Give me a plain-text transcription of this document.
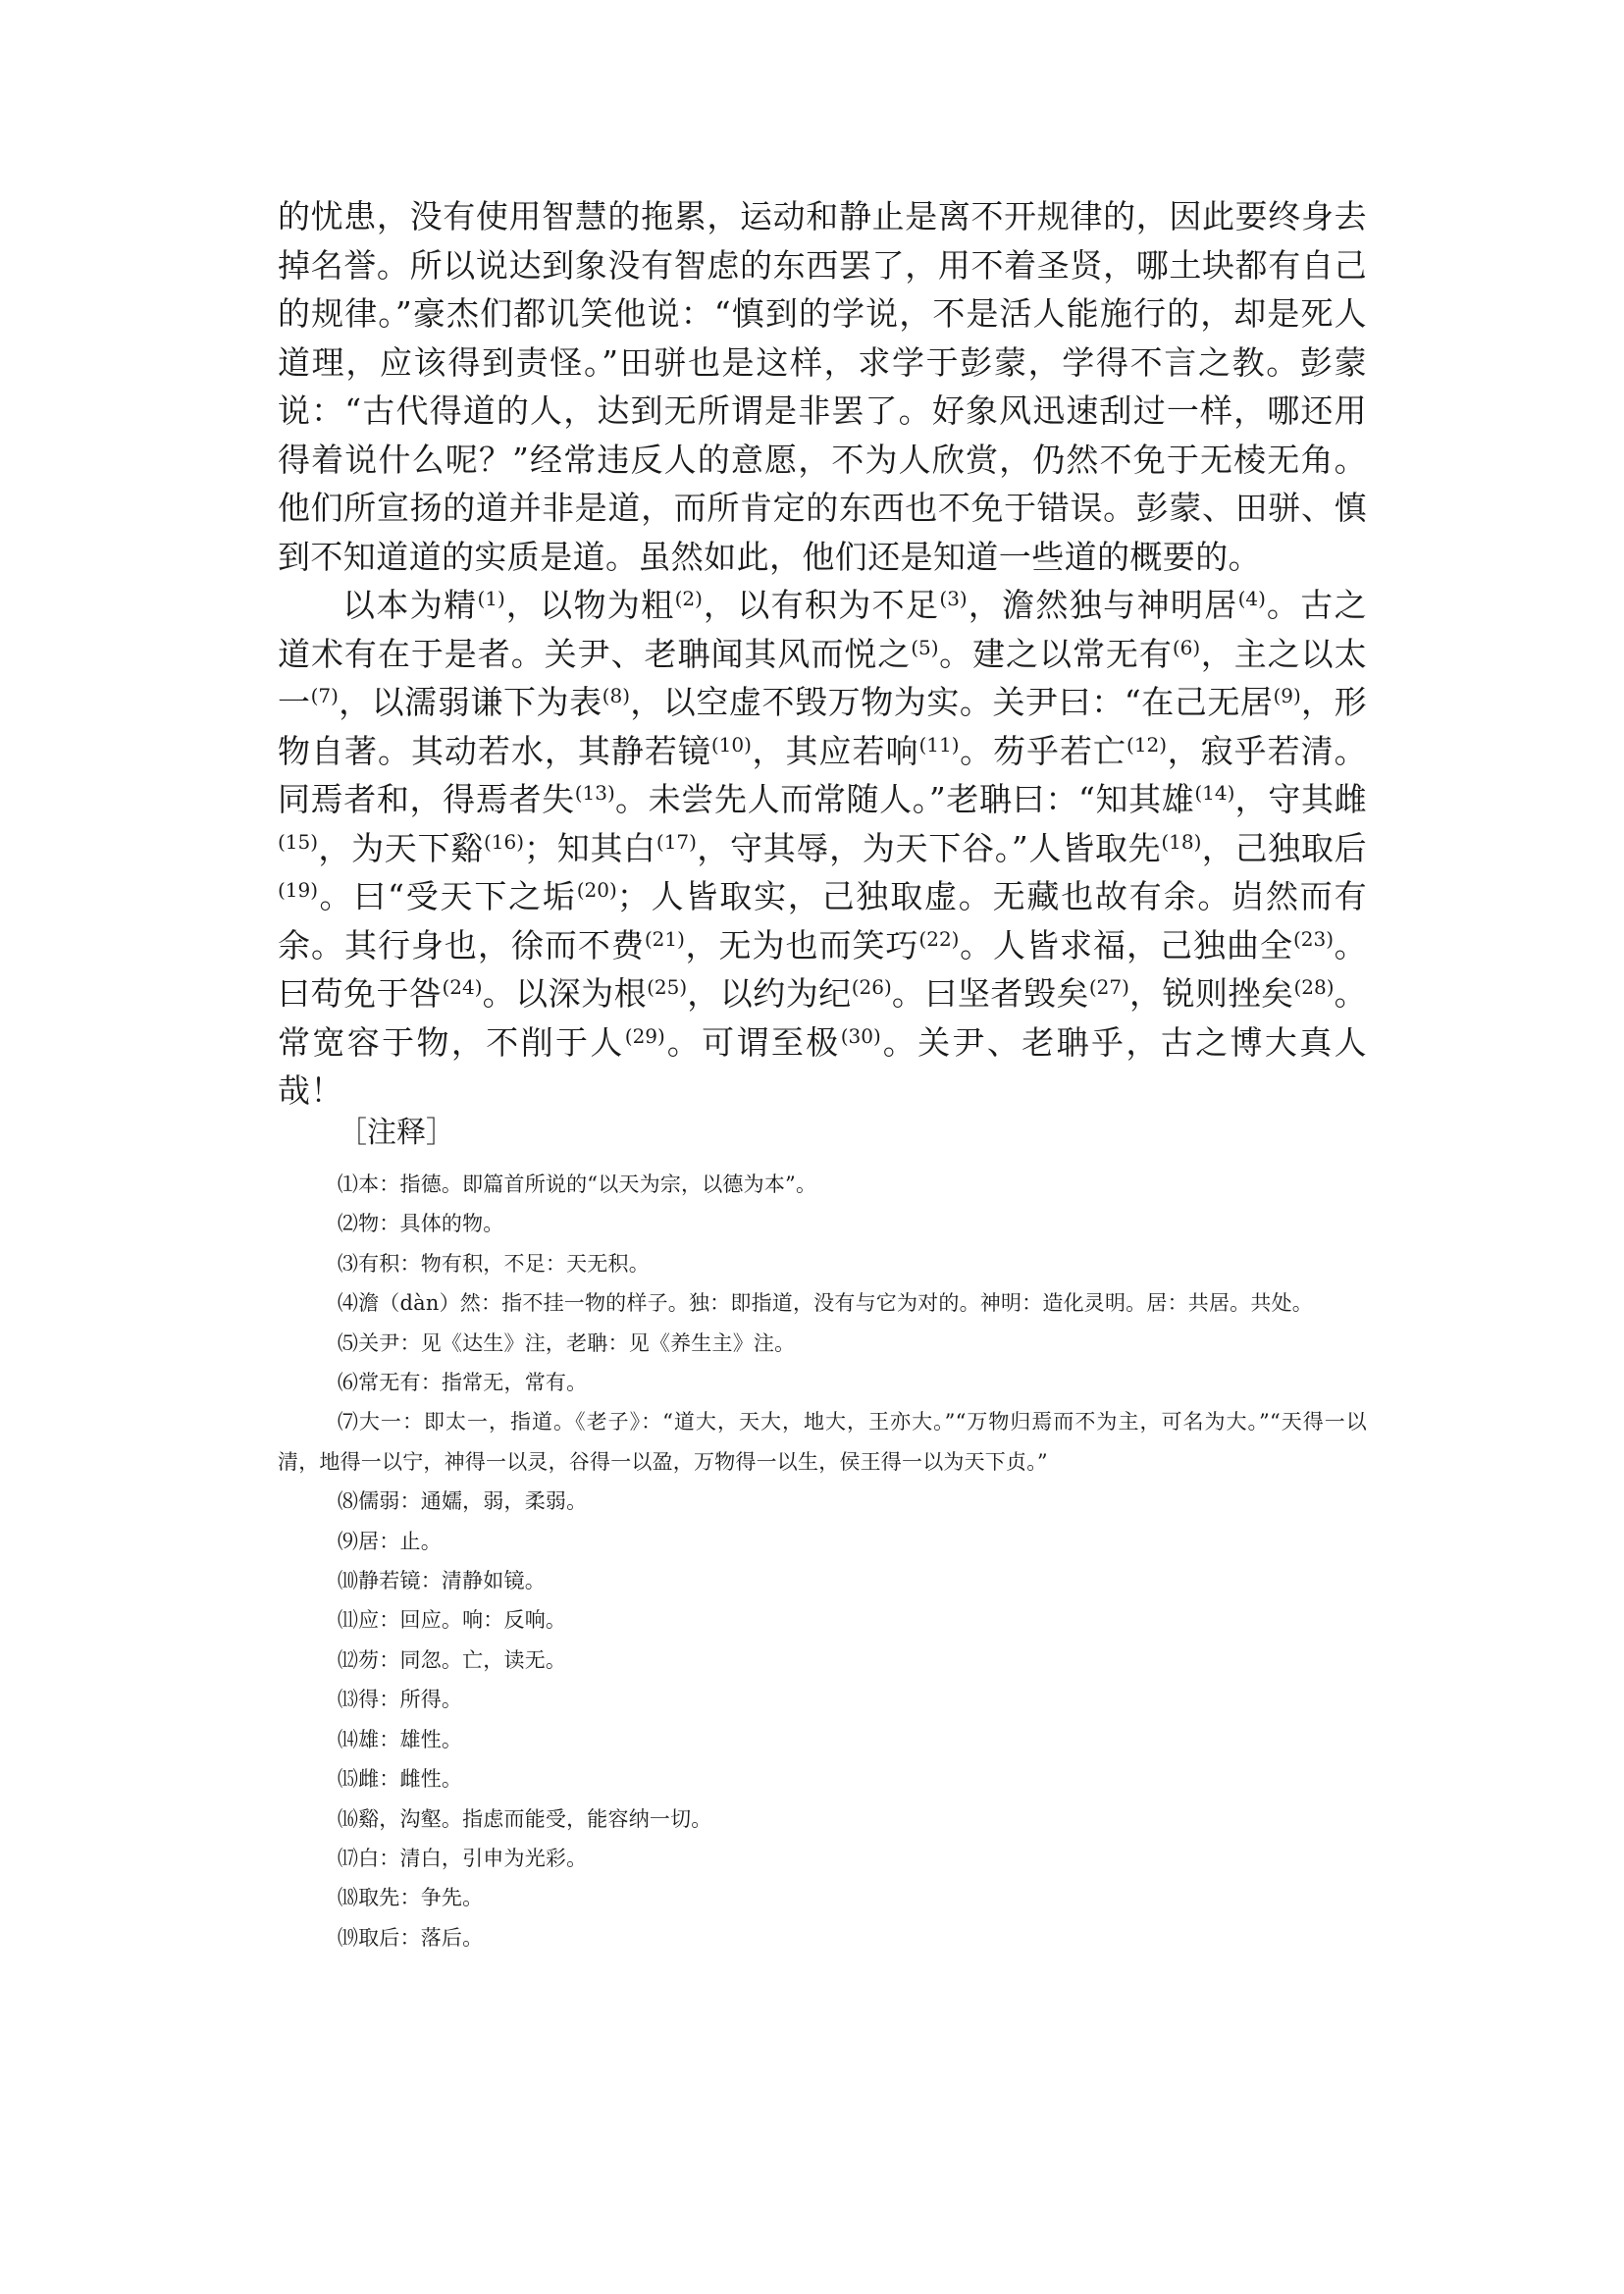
的忧患，没有使用智慧的拖累，运动和静止是离不开规律的，因此要终身去掉名誉。所以说达到象没有智虑的东西罢了，用不着圣贤，哪土块都有自己的规律。”豪杰们都讥笑他说：“慎到的学说，不是活人能施行的，却是死人道理，应该得到责怪。”田骈也是这样，求学于彭蒙，学得不言之教。彭蒙说：“古代得道的人，达到无所谓是非罢了。好象风迅速刮过一样，哪还用得着说什么呢？”经常违反人的意愿，不为人欣赏，仍然不免于无棱无角。他们所宣扬的道并非是道，而所肯定的东西也不免于错误。彭蒙、田骈、慎到不知道道的实质是道。虽然如此，他们还是知道一些道的概要的。

以本为精$^{(1)}$，以物为粗$^{(2)}$，以有积为不足$^{(3)}$，澹然独与神明居$^{(4)}$。古之道术有在于是者。关尹、老聃闻其风而悦之$^{(5)}$。建之以常无有$^{(6)}$，主之以太一$^{(7)}$，以濡弱谦下为表$^{(8)}$，以空虚不毁万物为实。关尹曰：“在己无居$^{(9)}$，形物自著。其动若水，其静若镜$^{(10)}$，其应若响$^{(11)}$。芴乎若亡$^{(12)}$，寂乎若清。同焉者和，得焉者失$^{(13)}$。未尝先人而常随人。”老聃曰：“知其雄$^{(14)}$，守其雌$^{(15)}$，为天下谿$^{(16)}$；知其白$^{(17)}$，守其辱，为天下谷。”人皆取先$^{(18)}$，己独取后$^{(19)}$。曰“受天下之垢$^{(20)}$；人皆取实，己独取虚。无藏也故有余。岿然而有余。其行身也，徐而不费$^{(21)}$，无为也而笑巧$^{(22)}$。人皆求福，己独曲全$^{(23)}$。曰苟免于咎$^{(24)}$。以深为根$^{(25)}$，以约为纪$^{(26)}$。曰坚者毁矣$^{(27)}$，锐则挫矣$^{(28)}$。常宽容于物，不削于人$^{(29)}$。可谓至极$^{(30)}$。关尹、老聃乎，古之博大真人哉！

［注释］
⑴本：指德。即篇首所说的“以天为宗，以德为本”。
⑵物：具体的物。
⑶有积：物有积，不足：天无积。
⑷澹（dàn）然：指不挂一物的样子。独：即指道，没有与它为对的。神明：造化灵明。居：共居。共处。
⑸关尹：见《达生》注，老聃：见《养生主》注。
⑹常无有：指常无，常有。
⑺大一：即太一，指道。《老子》：“道大，天大，地大，王亦大。”“万物归焉而不为主，可名为大。”“天得一以清，地得一以宁，神得一以灵，谷得一以盈，万物得一以生，侯王得一以为天下贞。”
⑻儒弱：通嬬，弱，柔弱。
⑼居：止。
⑽静若镜：清静如镜。
⑾应：回应。响：反响。
⑿芴：同忽。亡，读无。
⒀得：所得。
⒁雄：雄性。
⒂雌：雌性。
⒃谿，沟壑。指虑而能受，能容纳一切。
⒄白：清白，引申为光彩。
⒅取先：争先。
⒆取后：落后。
